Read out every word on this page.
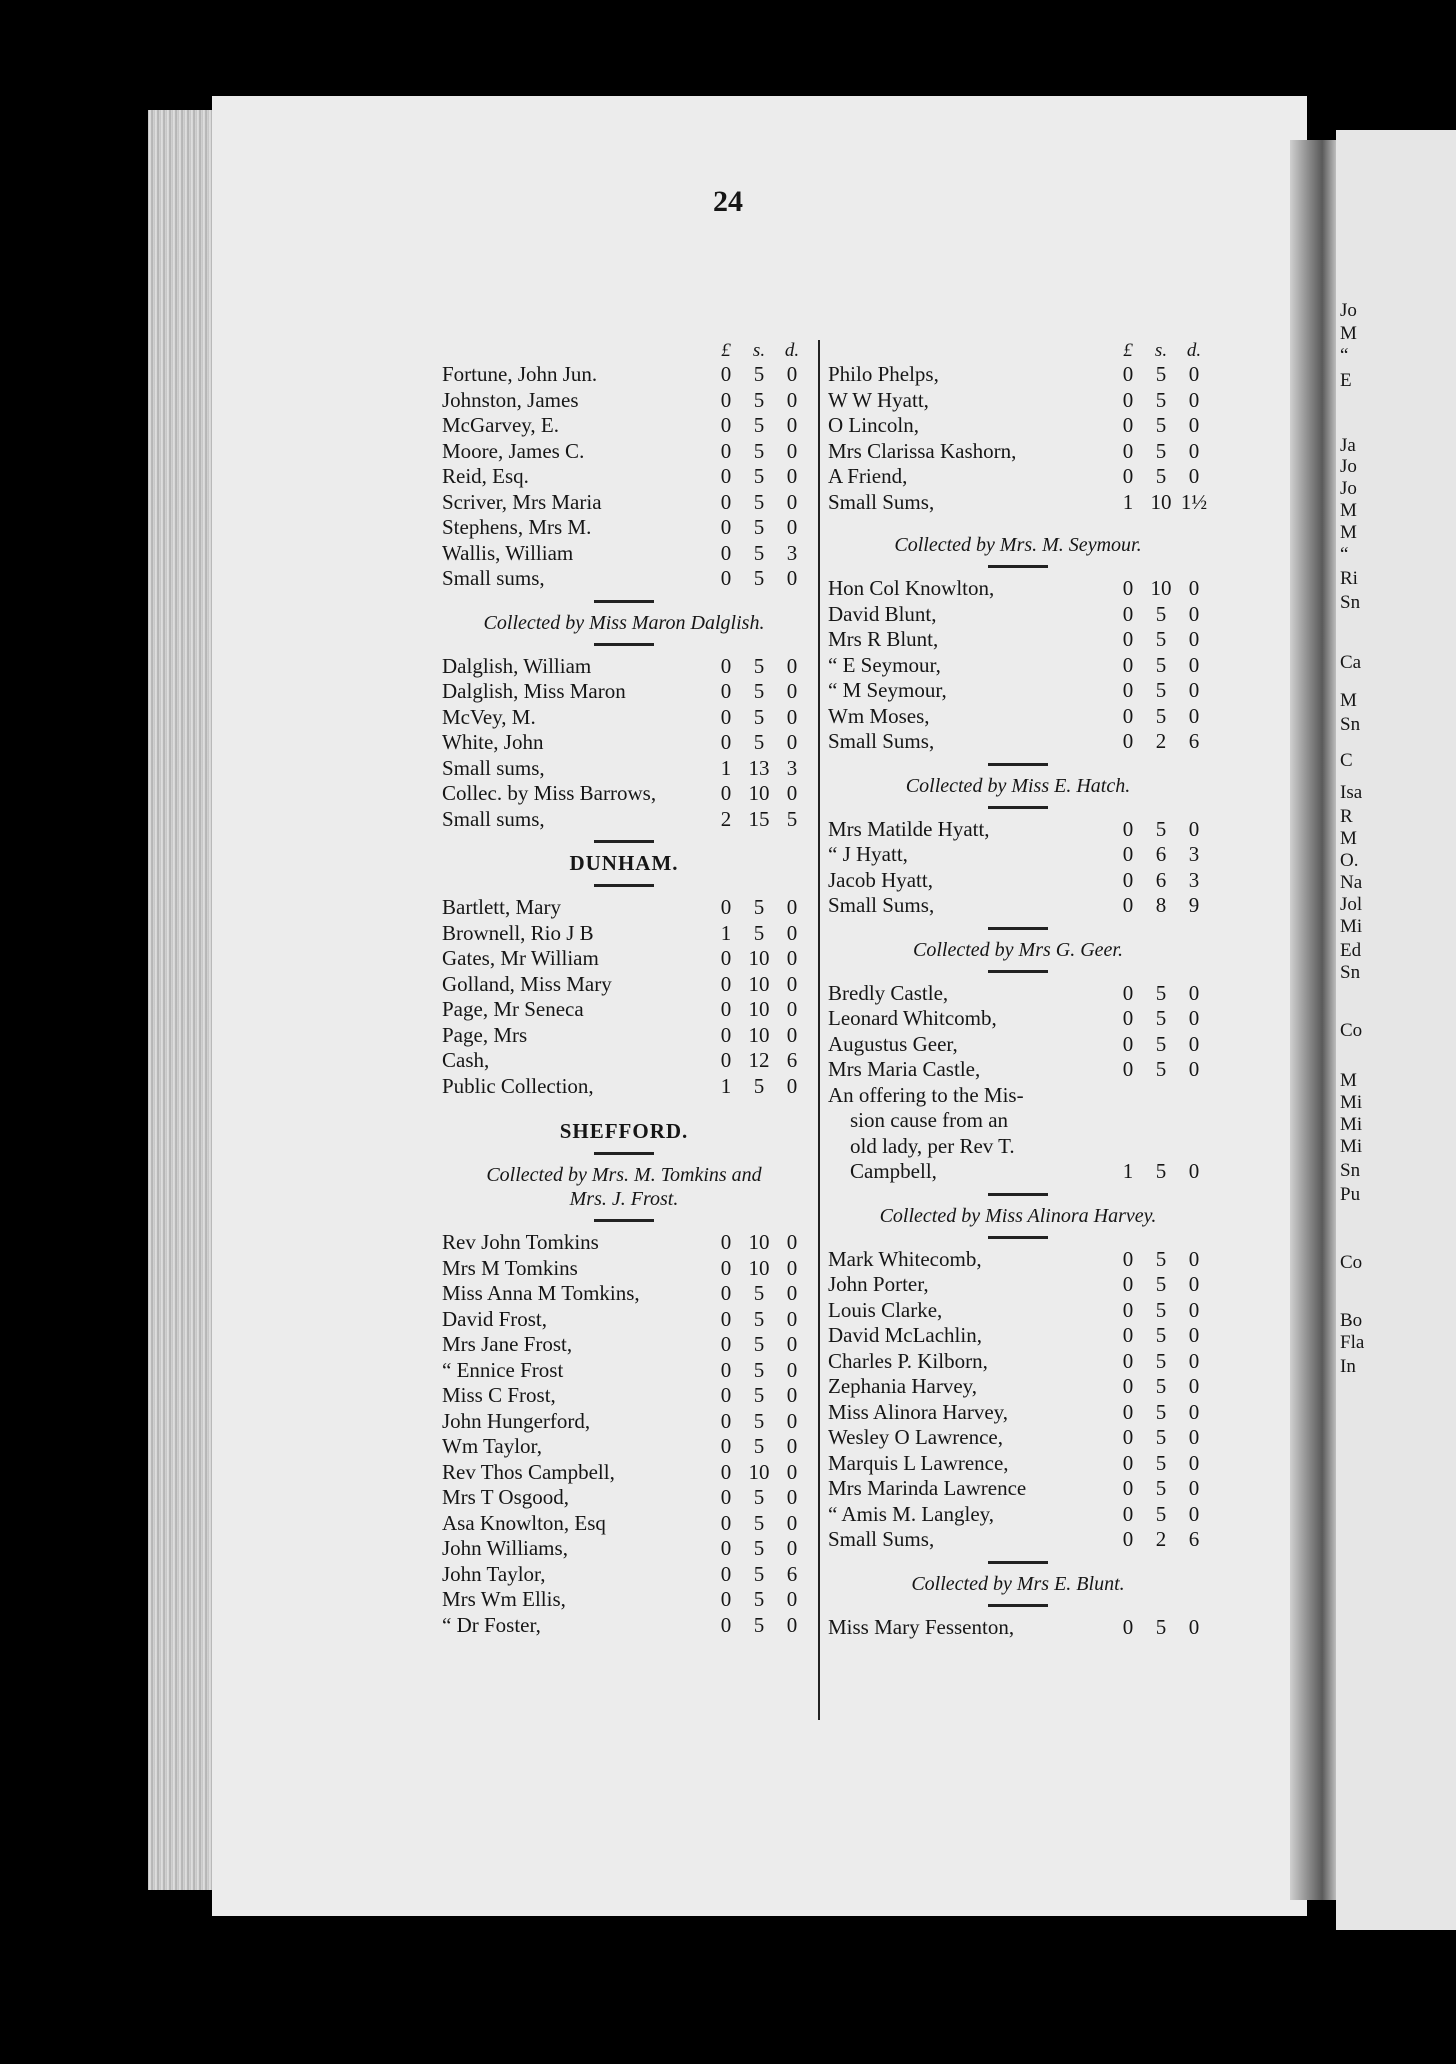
Jo
M
“
E
Ja
Jo
Jo
M
M
“
Ri
Sn
Ca
M
Sn
C
Isa
R
M
O.
Na
Jol
Mi
Ed
Sn
Co
M
Mi
Mi
Mi
Sn
Pu
Co
Bo
Fla
In
24
£	s.	d.
Fortune, John Jun.	0	5	0
Johnston, James	0	5	0
McGarvey, E.	0	5	0
Moore, James C.	0	5	0
Reid, Esq.	0	5	0
Scriver, Mrs Maria	0	5	0
Stephens, Mrs M.	0	5	0
Wallis, William	0	5	3
Small sums,	0	5	0
Collected by Miss Maron Dalglish.
Dalglish, William	0	5	0
Dalglish, Miss Maron	0	5	0
McVey, M.	0	5	0
White, John	0	5	0
Small sums,	1 13 3
Collec. by Miss Barrows,	0 10 0
Small sums,	2 15 5
DUNHAM.
Bartlett, Mary	0	5	0
Brownell, Rio J B	1	5	0
Gates, Mr William	0 10 0
Golland, Miss Mary	0 10 0
Page, Mr Seneca	0 10 0
Page, Mrs	0 10 0
Cash,	0 12 6
Public Collection,	1	5	0
SHEFFORD.
Collected by Mrs. M. Tomkins and
Mrs. J. Frost.
Rev John Tomkins	0 10 0
Mrs M Tomkins	0 10 0
Miss Anna M Tomkins,	0	5	0
David Frost,	0	5	0
Mrs Jane Frost,	0	5	0
“ Ennice Frost	0	5	0
Miss C Frost,	0	5	0
John Hungerford,	0	5	0
Wm Taylor,	0	5	0
Rev Thos Campbell,	0 10 0
Mrs T Osgood,	0	5	0
Asa Knowlton, Esq	0	5	0
John Williams,	0	5	0
John Taylor,	0	5	6
Mrs Wm Ellis,	0	5	0
“ Dr Foster,	0	5	0
£	s.	d.
Philo Phelps,	0	5	0
W W Hyatt,	0	5	0
O Lincoln,	0	5	0
Mrs Clarissa Kashorn,	0	5	0
A Friend,	0	5	0
Small Sums,	1 10 1½
Collected by Mrs. M. Seymour.
Hon Col Knowlton,	0 10 0
David Blunt,	0	5	0
Mrs R Blunt,	0	5	0
“ E Seymour,	0	5	0
“ M Seymour,	0	5	0
Wm Moses,	0	5	0
Small Sums,	0	2	6
Collected by Miss E. Hatch.
Mrs Matilde Hyatt,	0	5	0
“ J Hyatt,	0	6	3
Jacob Hyatt,	0	6	3
Small Sums,	0	8	9
Collected by Mrs G. Geer.
Bredly Castle,	0	5	0
Leonard Whitcomb,	0	5	0
Augustus Geer,	0	5	0
Mrs Maria Castle,	0	5	0
An offering to the Mis-
sion cause from an
old lady, per Rev T.
Campbell,	1	5	0
Collected by Miss Alinora Harvey.
Mark Whitecomb,	0	5	0
John Porter,	0	5	0
Louis Clarke,	0	5	0
David McLachlin,	0	5	0
Charles P. Kilborn,	0	5	0
Zephania Harvey,	0	5	0
Miss Alinora Harvey,	0	5	0
Wesley O Lawrence,	0	5	0
Marquis L Lawrence,	0	5	0
Mrs Marinda Lawrence	0	5	0
“ Amis M. Langley,	0	5	0
Small Sums,	0	2	6
Collected by Mrs E. Blunt.
Miss Mary Fessenton,	0	5	0
